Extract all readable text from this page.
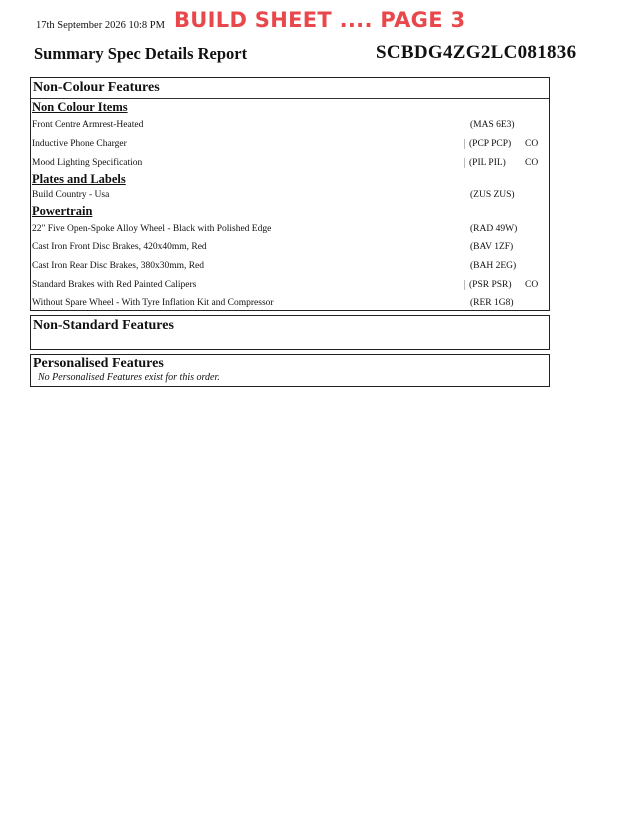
17th September 2026 10:8 PM BUILD SHEET .... PAGE 3
Summary Spec Details Report	SCBDG4ZG2LC081836
Non-Colour Features
Non Colour Items
Front Centre Armrest-Heated	(MAS 6E3)
Inductive Phone Charger	(PCP PCP) CO
Mood Lighting Specification	(PIL PIL) CO
Plates and Labels
Build Country - Usa	(ZUS ZUS)
Powertrain
22" Five Open-Spoke Alloy Wheel - Black with Polished Edge	(RAD 49W)
Cast Iron Front Disc Brakes, 420x40mm, Red	(BAV 1ZF)
Cast Iron Rear Disc Brakes, 380x30mm, Red	(BAH 2EG)
Standard Brakes with Red Painted Calipers	(PSR PSR) CO
Without Spare Wheel - With Tyre Inflation Kit and Compressor	(RER 1G8)
Non-Standard Features
Personalised Features
No Personalised Features exist for this order.
